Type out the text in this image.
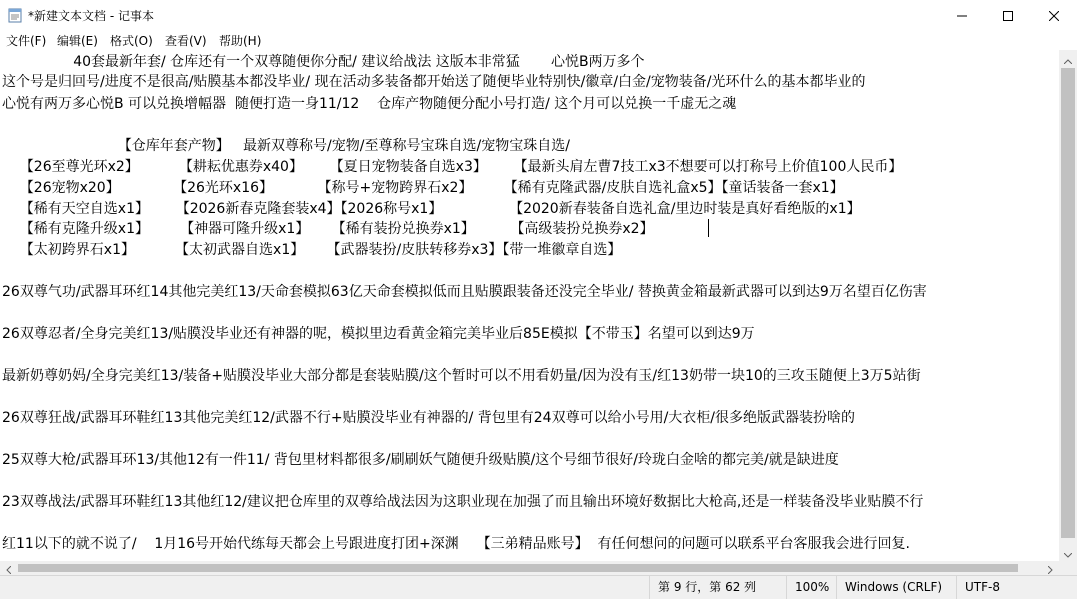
*新建文本文档 - 记事本
文件(F) 编辑(E) 格式(O) 查看(V) 帮助(H)
40套最新年套/ 仓库还有一个双尊随便你分配/ 建议给战法 这版本非常猛       心悦B两万多个
这个号是归回号/进度不是很高/贴膜基本都没毕业/ 现在活动多装备都开始送了随便毕业特别快/徽章/白金/宠物装备/光环什么的基本都毕业的
心悦有两万多心悦B 可以兑换增幅器  随便打造一身11/12    仓库产物随便分配小号打造/ 这个月可以兑换一千虚无之魂
【仓库年套产物】   最新双尊称号/宠物/至尊称号宝珠自选/宠物宝珠自选/
【26至尊光环x2】         【耕耘优惠券x40】      【夏日宠物装备自选x3】      【最新头肩左曹7技工x3不想要可以打称号上价值100人民币】
【26宠物x20】            【26光环x16】          【称号+宠物跨界石x2】       【稀有克隆武器/皮肤自选礼盒x5】【童话装备一套x1】
【稀有天空自选x1】      【2026新春克隆套装x4】【2026称号x1】               【2020新春装备自选礼盒/里边时装是真好看绝版的x1】
【稀有克隆升级x1】       【神器可隆升级x1】     【稀有装扮兑换券x1】        【高级装扮兑换券x2】
【太初跨界石x1】         【太初武器自选x1】     【武器装扮/皮肤转移券x3】【带一堆徽章自选】
26双尊气功/武器耳环红14其他完美红13/天命套模拟63亿天命套模拟低而且贴膜跟装备还没完全毕业/ 替换黄金箱最新武器可以到达9万名望百亿伤害
26双尊忍者/全身完美红13/贴膜没毕业还有神器的呢，模拟里边看黄金箱完美毕业后85E模拟【不带玉】名望可以到达9万
最新奶尊奶妈/全身完美红13/装备+贴膜没毕业大部分都是套装贴膜/这个暂时可以不用看奶量/因为没有玉/红13奶带一块10的三攻玉随便上3万5站街
26双尊狂战/武器耳环鞋红13其他完美红12/武器不行+贴膜没毕业有神器的/ 背包里有24双尊可以给小号用/大衣柜/很多绝版武器装扮啥的
25双尊大枪/武器耳环13/其他12有一件11/ 背包里材料都很多/刷刷妖气随便升级贴膜/这个号细节很好/玲珑白金啥的都完美/就是缺进度
23双尊战法/武器耳环鞋红13其他红12/建议把仓库里的双尊给战法因为这职业现在加强了而且输出环境好数据比大枪高,还是一样装备没毕业贴膜不行
红11以下的就不说了/    1月16号开始代练每天都会上号跟进度打团+深渊    【三弟精品账号】  有任何想问的问题可以联系平台客服我会进行回复.
第 9 行，第 62 列	100%	Windows (CRLF)	UTF-8
